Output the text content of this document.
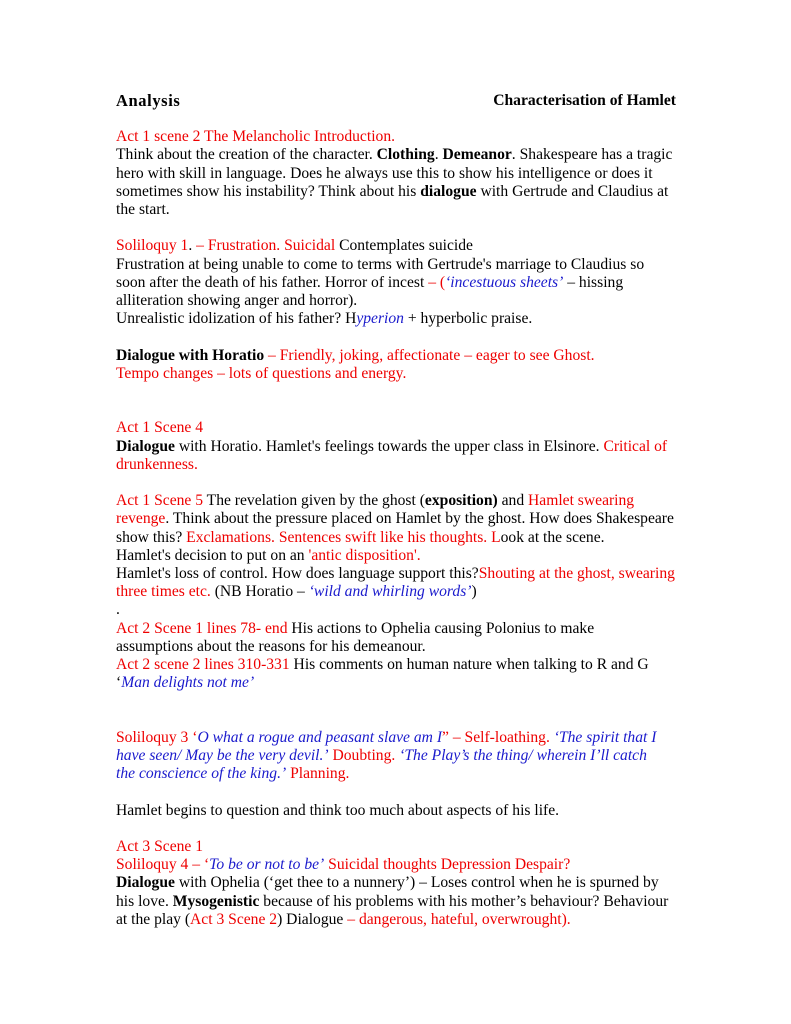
Analysis	Characterisation of Hamlet
Act 1 scene 2 The Melancholic Introduction.
Think about the creation of the character. Clothing. Demeanor. Shakespeare has a tragic
hero with skill in language. Does he always use this to show his intelligence or does it
sometimes show his instability? Think about his dialogue with Gertrude and Claudius at
the start.
Soliloquy 1. – Frustration. Suicidal Contemplates suicide
Frustration at being unable to come to terms with Gertrude's marriage to Claudius so
soon after the death of his father. Horror of incest – (‘incestuous sheets’ – hissing
alliteration showing anger and horror).
Unrealistic idolization of his father? Hyperion + hyperbolic praise.
Dialogue with Horatio – Friendly, joking, affectionate – eager to see Ghost.
Tempo changes – lots of questions and energy.
Act 1 Scene 4
Dialogue with Horatio. Hamlet's feelings towards the upper class in Elsinore. Critical of
drunkenness.
Act 1 Scene 5 The revelation given by the ghost (exposition) and Hamlet swearing
revenge. Think about the pressure placed on Hamlet by the ghost. How does Shakespeare
show this? Exclamations. Sentences swift like his thoughts. Look at the scene.
Hamlet's decision to put on an 'antic disposition'.
Hamlet's loss of control. How does language support this?Shouting at the ghost, swearing
three times etc. (NB Horatio – ‘wild and whirling words’)
.
Act 2 Scene 1 lines 78- end His actions to Ophelia causing Polonius to make
assumptions about the reasons for his demeanour.
Act 2 scene 2 lines 310-331 His comments on human nature when talking to R and G
‘Man delights not me’
Soliloquy 3 ‘O what a rogue and peasant slave am I” – Self-loathing. ‘The spirit that I
have seen/ May be the very devil.’ Doubting. ‘The Play’s the thing/ wherein I’ll catch
the conscience of the king.’ Planning.
Hamlet begins to question and think too much about aspects of his life.
Act 3 Scene 1
Soliloquy 4 – ‘To be or not to be’ Suicidal thoughts Depression Despair?
Dialogue with Ophelia (‘get thee to a nunnery’) – Loses control when he is spurned by
his love. Mysogenistic because of his problems with his mother’s behaviour? Behaviour
at the play (Act 3 Scene 2) Dialogue – dangerous, hateful, overwrought).
